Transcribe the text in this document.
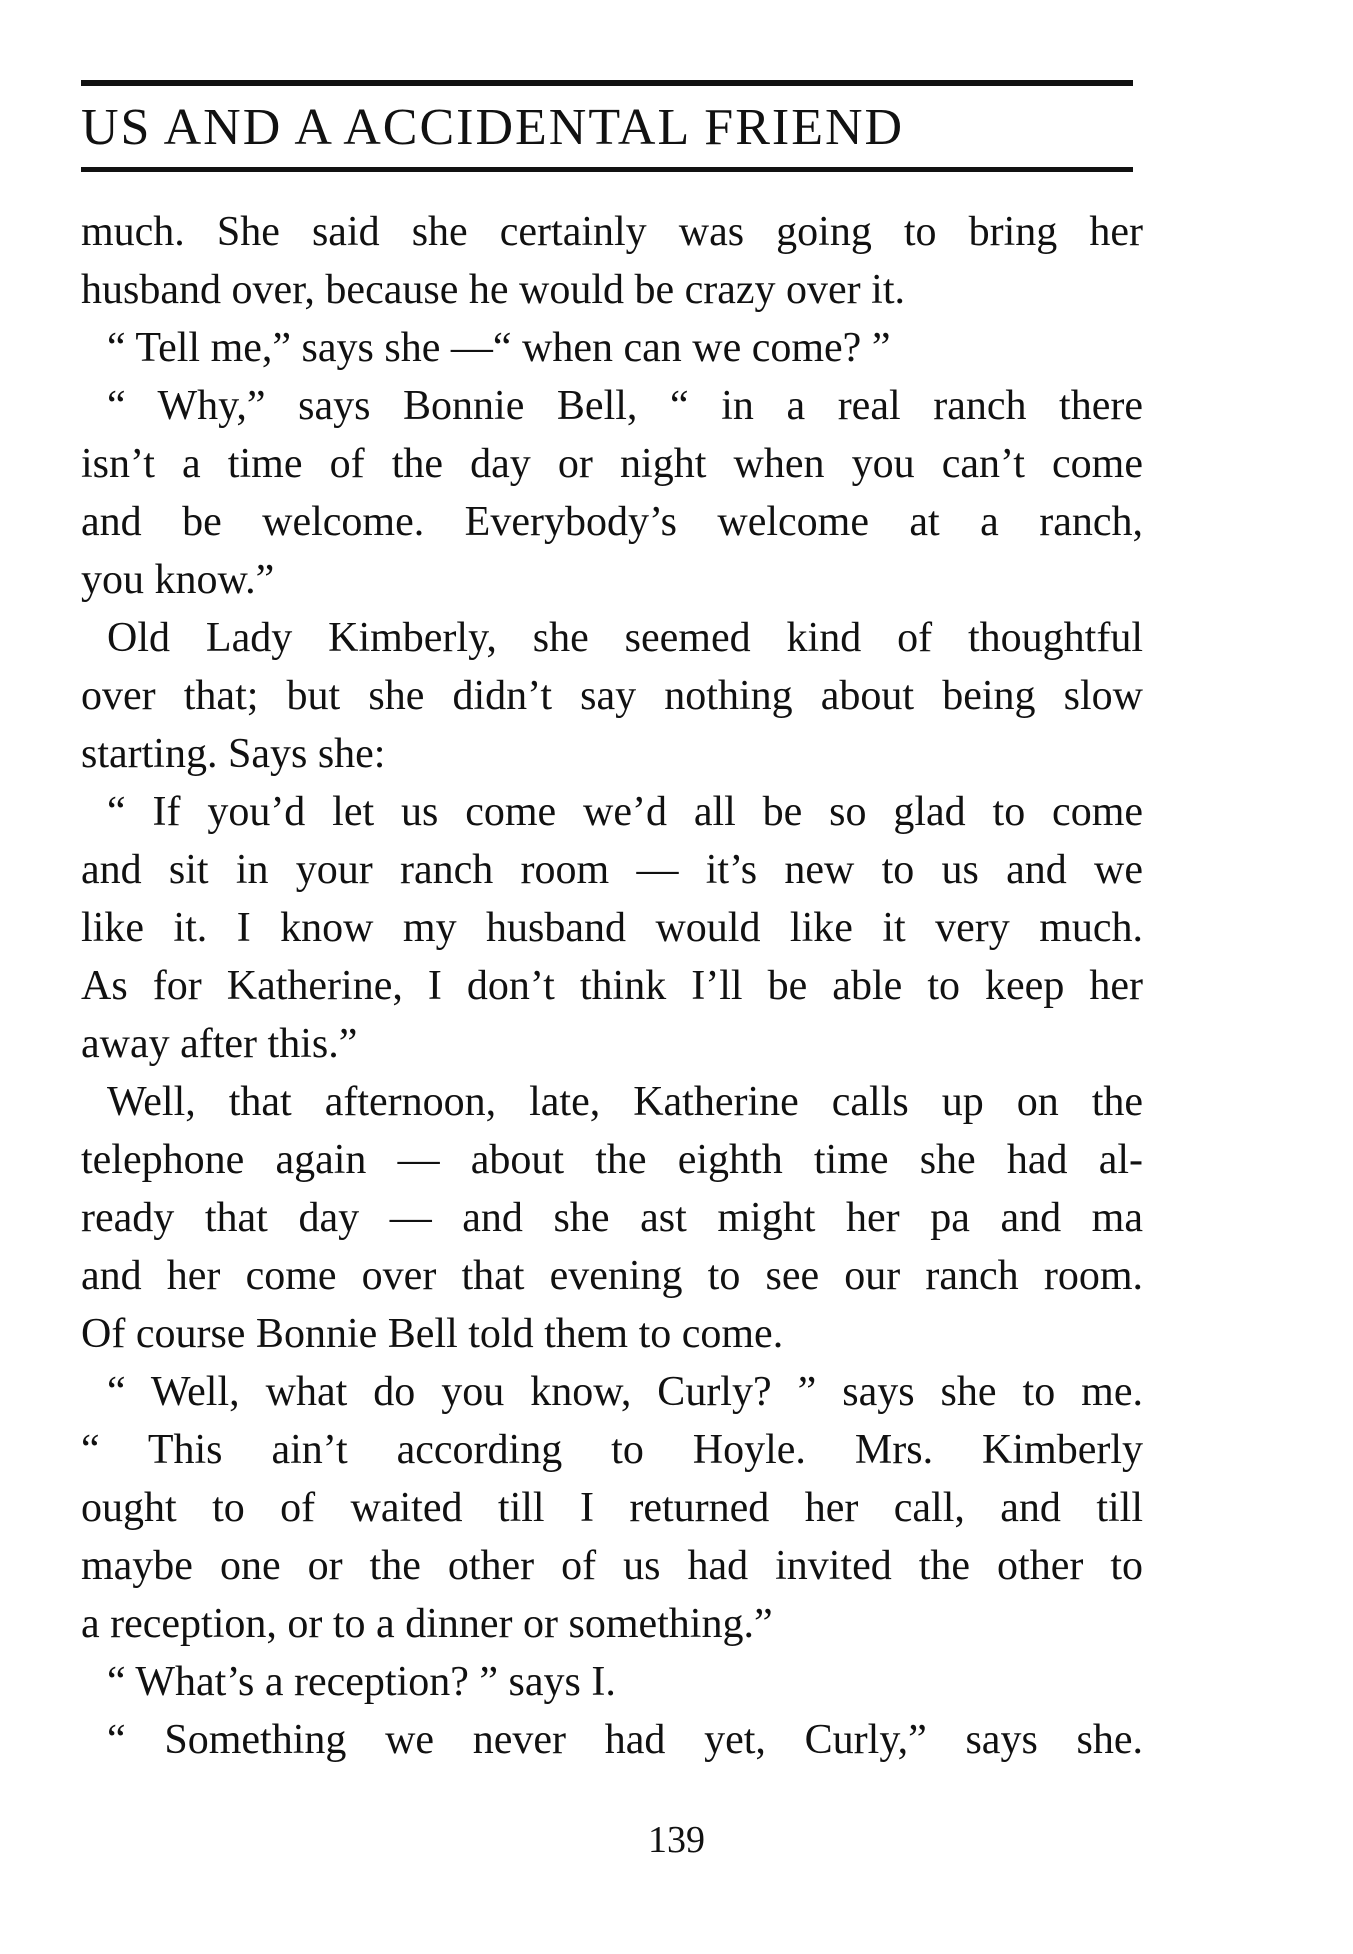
US AND A ACCIDENTAL FRIEND
much. She said she certainly was going to bring her
husband over, because he would be crazy over it.
“ Tell me,” says she —“ when can we come? ”
“ Why,” says Bonnie Bell, “ in a real ranch there
isn’t a time of the day or night when you can’t come
and be welcome. Everybody’s welcome at a ranch,
you know.”
Old Lady Kimberly, she seemed kind of thoughtful
over that; but she didn’t say nothing about being slow
starting. Says she:
“ If you’d let us come we’d all be so glad to come
and sit in your ranch room — it’s new to us and we
like it. I know my husband would like it very much.
As for Katherine, I don’t think I’ll be able to keep her
away after this.”
Well, that afternoon, late, Katherine calls up on the
telephone again — about the eighth time she had al-
ready that day — and she ast might her pa and ma
and her come over that evening to see our ranch room.
Of course Bonnie Bell told them to come.
“ Well, what do you know, Curly? ” says she to me.
“ This ain’t according to Hoyle. Mrs. Kimberly
ought to of waited till I returned her call, and till
maybe one or the other of us had invited the other to
a reception, or to a dinner or something.”
“ What’s a reception? ” says I.
“ Something we never had yet, Curly,” says she.
139
